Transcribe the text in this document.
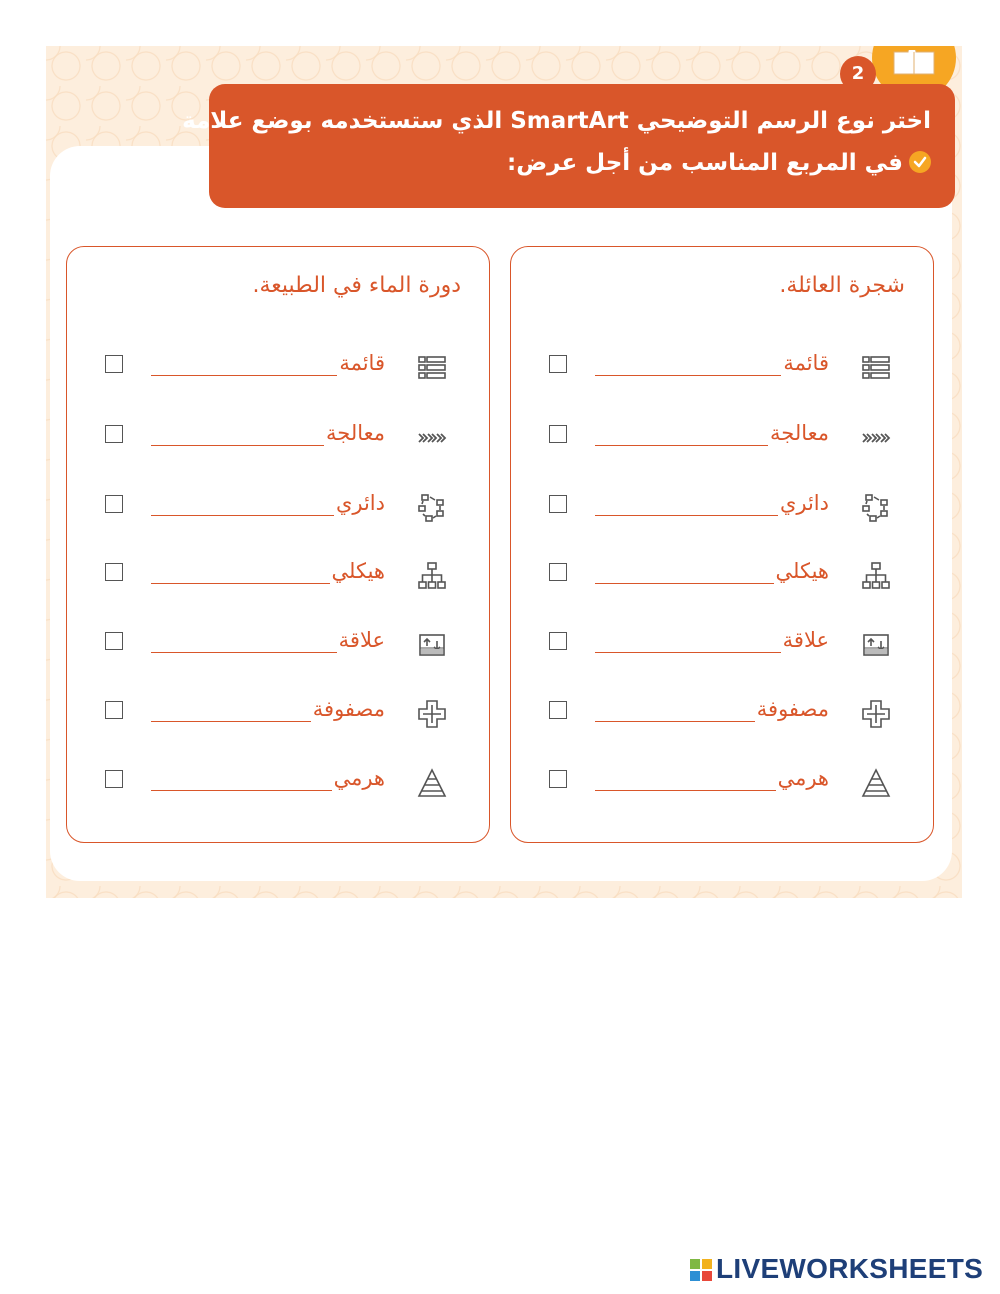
2
اختر نوع الرسم التوضيحي SmartArt الذي ستستخدمه بوضع علامة
في المربع المناسب من أجل عرض:
شجرة العائلة.
قائمة
معالجة
دائري
هيكلي
علاقة
مصفوفة
هرمي
دورة الماء في الطبيعة.
قائمة
معالجة
دائري
هيكلي
علاقة
مصفوفة
هرمي
LIVEWORKSHEETS
